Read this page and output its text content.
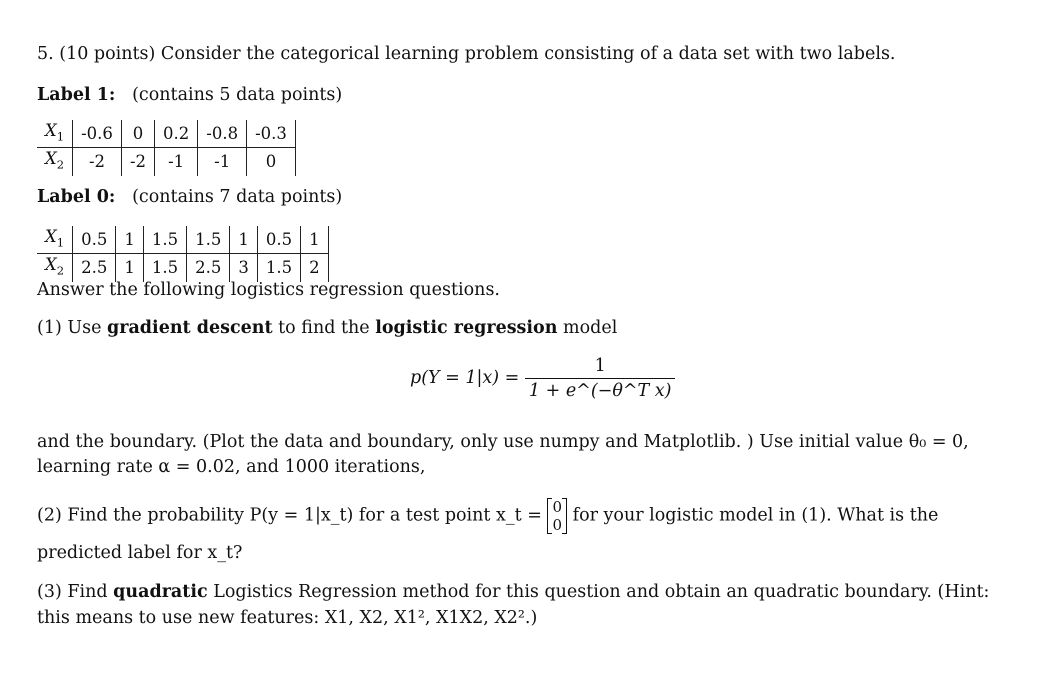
5. (10 points) Consider the categorical learning problem consisting of a data set with two labels.
Label 1: (contains 5 data points)
$X_1$	-0.6	0	0.2	-0.8	-0.3
$X_2$	-2	-2	-1	-1	0
Label 0: (contains 7 data points)
$X_1$	0.5	1	1.5	1.5	1	0.5	1
$X_2$	2.5	1	1.5	2.5	3	1.5	2
Answer the following logistics regression questions.
(1) Use gradient descent to find the logistic regression model
$p(Y = 1|x) = \frac{1}{\text{1 + e\textasciicircum{}(−θ\textasciicircum{}T x)}}$
and the boundary. (Plot the data and boundary, only use numpy and Matplotlib. ) Use initial value θ₀ = 0,
learning rate α = 0.02, and 1000 iterations,
(2) Find the probability P(y = 1|x_t) for a test point x_t = 0
0 for your logistic model in (1). What is the
predicted label for x_t?
(3) Find quadratic Logistics Regression method for this question and obtain an quadratic boundary. (Hint:
this means to use new features: X1, X2, X1², X1X2, X2².)
